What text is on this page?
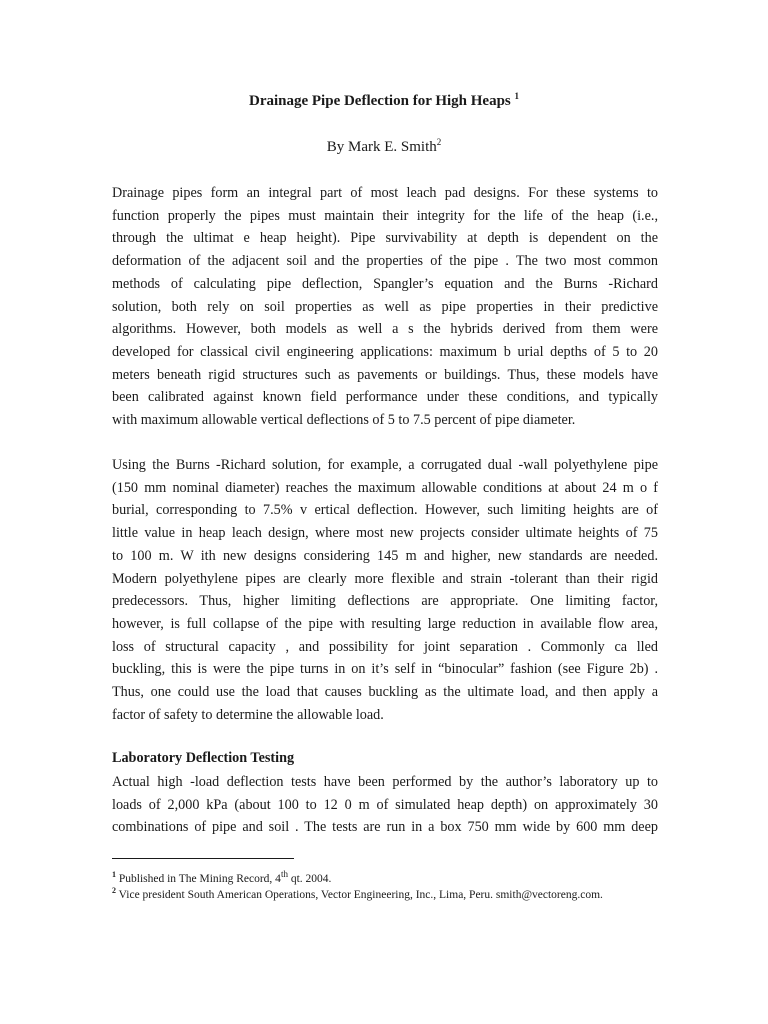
Drainage Pipe Deflection for High Heaps $^1$
By Mark E. Smith$^2$
Drainage pipes form an integral part of most leach pad designs. For these systems to
function properly the pipes must maintain their integrity for the life of the heap (i.e.,
through the ultimat e heap height). Pipe survivability at depth is dependent on the
deformation of the adjacent soil and the properties of the pipe . The two most common
methods of calculating pipe deflection, Spangler’s equation and the Burns -Richard
solution, both rely on soil properties as well as pipe properties in their predictive
algorithms. However, both models as well a s the hybrids derived from them were
developed for classical civil engineering applications: maximum b urial depths of 5 to 20
meters beneath rigid structures such as pavements or buildings. Thus, these models have
been calibrated against known field performance under these conditions, and typically
with maximum allowable vertical deflections of 5 to 7.5 percent of pipe diameter.
Using the Burns -Richard solution, for example, a corrugated dual -wall polyethylene pipe
(150 mm nominal diameter) reaches the maximum allowable conditions at about 24 m o f
burial, corresponding to 7.5% v ertical deflection. However, such limiting heights are of
little value in heap leach design, where most new projects consider ultimate heights of 75
to 100 m. W ith new designs considering 145 m and higher, new standards are needed.
Modern polyethylene pipes are clearly more flexible and strain -tolerant than their rigid
predecessors. Thus, higher limiting deflections are appropriate. One limiting factor,
however, is full collapse of the pipe with resulting large reduction in available flow area,
loss of structural capacity , and possibility for joint separation . Commonly ca lled
buckling, this is were the pipe turns in on it’s self in “binocular” fashion (see Figure 2b) .
Thus, one could use the load that causes buckling as the ultimate load, and then apply a
factor of safety to determine the allowable load.
Laboratory Deflection Testing
Actual high -load deflection tests have been performed by the author’s laboratory up to
loads of 2,000 kPa (about 100 to 12 0 m of simulated heap depth) on approximately 30
combinations of pipe and soil . The tests are run in a box 750 mm wide by 600 mm deep
$^1$ Published in The Mining Record, 4th qt. 2004.
$^2$ Vice president South American Operations, Vector Engineering, Inc., Lima, Peru. smith@vectoreng.com.
